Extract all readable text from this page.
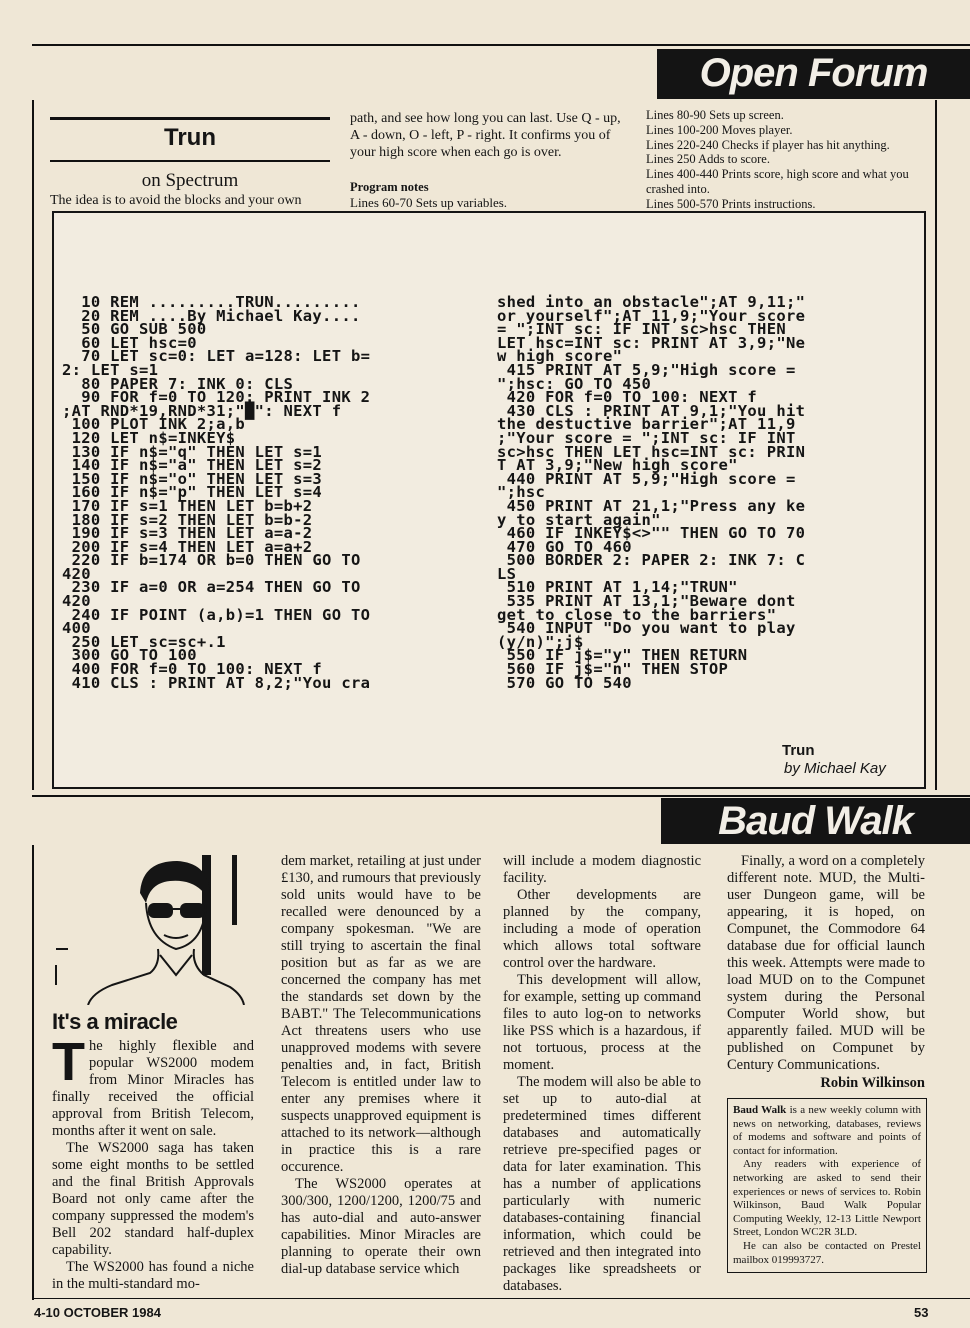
Open Forum
Trun
on Spectrum
The idea is to avoid the blocks and your own
path, and see how long you can last. Use Q - up, A - down, O - left, P - right. It confirms you of your high score when each go is over.
Program notes
Lines 60-70 Sets up variables.
Lines 80-90 Sets up screen.
Lines 100-200 Moves player.
Lines 220-240 Checks if player has hit anything.
Lines 250 Adds to score.
Lines 400-440 Prints score, high score and what you crashed into.
Lines 500-570 Prints instructions.
10 REM .........TRUN.........
20 REM ....By Michael Kay....
50 GO SUB 500
60 LET hsc=0
70 LET sc=0: LET a=128: LET b=
2: LET s=1
80 PAPER 7: INK 0: CLS
90 FOR f=0 TO 120: PRINT INK 2
;AT RND*19,RND*31;"█": NEXT f
100 PLOT INK 2;a,b
120 LET n$=INKEY$
130 IF n$="q" THEN LET s=1
140 IF n$="a" THEN LET s=2
150 IF n$="o" THEN LET s=3
160 IF n$="p" THEN LET s=4
170 IF s=1 THEN LET b=b+2
180 IF s=2 THEN LET b=b-2
190 IF s=3 THEN LET a=a-2
200 IF s=4 THEN LET a=a+2
220 IF b=174 OR b=0 THEN GO TO
420
230 IF a=0 OR a=254 THEN GO TO
420
240 IF POINT (a,b)=1 THEN GO TO
400
250 LET sc=sc+.1
300 GO TO 100
400 FOR f=0 TO 100: NEXT f
410 CLS : PRINT AT 8,2;"You cra
shed into an obstacle";AT 9,11;"
or yourself";AT 11,9;"Your score
= ";INT sc: IF INT sc>hsc THEN
LET hsc=INT sc: PRINT AT 3,9;"Ne
w high score"
415 PRINT AT 5,9;"High score =
";hsc: GO TO 450
420 FOR f=0 TO 100: NEXT f
430 CLS : PRINT AT 9,1;"You hit
the destuctive barrier";AT 11,9
;"Your score = ";INT sc: IF INT
sc>hsc THEN LET hsc=INT sc: PRIN
T AT 3,9;"New high score"
440 PRINT AT 5,9;"High score =
";hsc
450 PRINT AT 21,1;"Press any ke
y to start again"
460 IF INKEY$<>"" THEN GO TO 70
470 GO TO 460
500 BORDER 2: PAPER 2: INK 7: C
LS
510 PRINT AT 1,14;"TRUN"
535 PRINT AT 13,1;"Beware dont
get to close to the barriers"
540 INPUT "Do you want to play
(y/n)";j$
550 IF j$="y" THEN RETURN
560 IF j$="n" THEN STOP
570 GO TO 540
Trun
by Michael Kay
Baud Walk
It's a miracle

The highly flexible and popular WS2000 modem from Minor Miracles has finally received the official approval from British Telecom, months after it went on sale.

The WS2000 saga has taken some eight months to be settled and the final British Approvals Board not only came after the company suppressed the modem's Bell 202 standard half-duplex capability.

The WS2000 has found a niche in the multi-standard mo-

dem market, retailing at just under £130, and rumours that previously sold units would have to be recalled were denounced by a company spokesman. "We are still trying to ascertain the final position but as far as we are concerned the company has met the standards set down by the BABT." The Telecommunications Act threatens users who use unapproved modems with severe penalties and, in fact, British Telecom is entitled under law to enter any premises where it suspects unapproved equipment is attached to its network—although in practice this is a rare occurence.

The WS2000 operates at 300/300, 1200/1200, 1200/75 and has auto-dial and auto-answer capabilities. Minor Miracles are planning to operate their own dial-up database service which

will include a modem diagnostic facility.

Other developments are planned by the company, including a mode of operation which allows total software control over the hardware.

This development will allow, for example, setting up command files to auto log-on to networks like PSS which is a hazardous, if not tortuous, process at the moment.

The modem will also be able to set up to auto-dial at predetermined times different databases and automatically retrieve pre-specified pages or data for later examination. This has a number of applications particularly with numeric databases-containing financial information, which could be retrieved and then integrated into packages like spreadsheets or databases.

Finally, a word on a completely different note. MUD, the Multi-user Dungeon game, will be appearing, it is hoped, on Compunet, the Commodore 64 database due for official launch this week. Attempts were made to load MUD on to the Compunet system during the Personal Computer World show, but apparently failed. MUD will be published on Compunet by Century Communications.

Robin Wilkinson
Baud Walk is a new weekly column with news on networking, databases, reviews of modems and software and points of contact for information.
Any readers with experience of networking are asked to send their experiences or news of services to. Robin Wilkinson, Baud Walk Popular Computing Weekly, 12-13 Little Newport Street, London WC2R 3LD.
He can also be contacted on Prestel mailbox 019993727.
4-10 OCTOBER 1984	53
